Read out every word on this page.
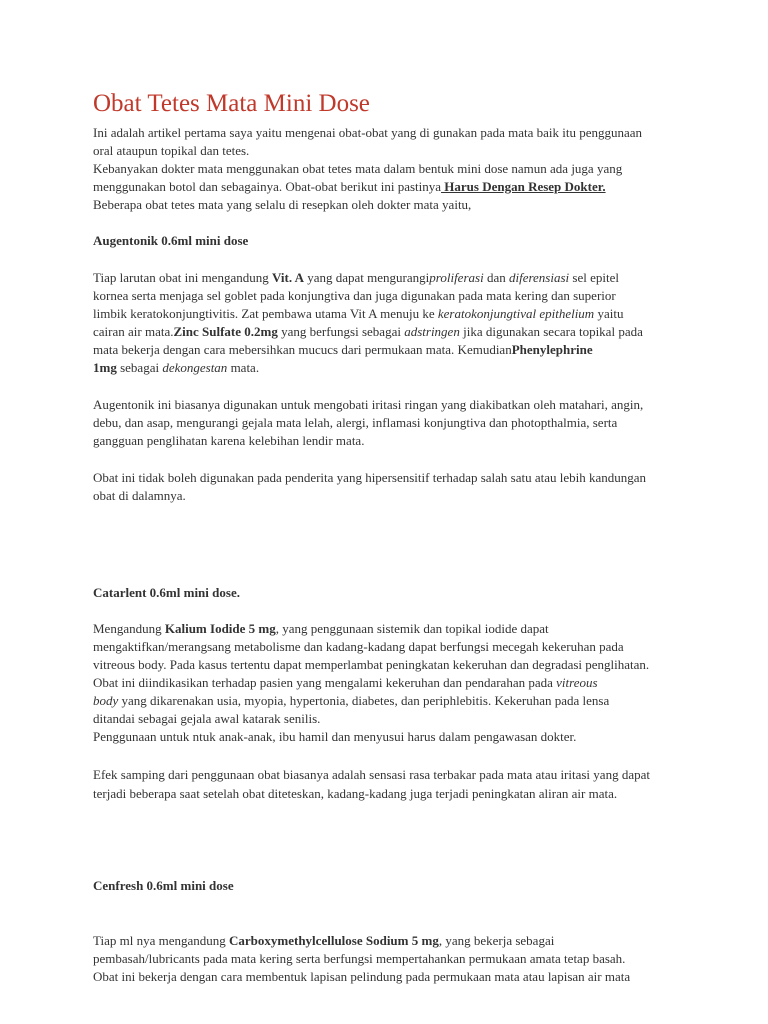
Obat Tetes Mata Mini Dose
Ini adalah artikel pertama saya yaitu mengenai obat-obat yang di gunakan pada mata baik itu penggunaan
oral ataupun topikal dan tetes.
Kebanyakan dokter mata menggunakan obat tetes mata dalam bentuk mini dose namun ada juga yang
menggunakan botol dan sebagainya. Obat-obat berikut ini pastinya Harus Dengan Resep Dokter.
Beberapa obat tetes mata yang selalu di resepkan oleh dokter mata yaitu,
Augentonik 0.6ml mini dose
Tiap larutan obat ini mengandung Vit. A yang dapat mengurangiproliferasi dan diferensiasi sel epitel
kornea serta menjaga sel goblet pada konjungtiva dan juga digunakan pada mata kering dan superior
limbik keratokonjungtivitis. Zat pembawa utama Vit A menuju ke keratokonjungtival epithelium yaitu
cairan air mata.Zinc Sulfate 0.2mg yang berfungsi sebagai adstringen jika digunakan secara topikal pada
mata bekerja dengan cara mebersihkan mucucs dari permukaan mata. KemudianPhenylephrine
1mg sebagai dekongestan mata.
Augentonik ini biasanya digunakan untuk mengobati iritasi ringan yang diakibatkan oleh matahari, angin,
debu, dan asap, mengurangi gejala mata lelah, alergi, inflamasi konjungtiva dan photopthalmia, serta
gangguan penglihatan karena kelebihan lendir mata.
Obat ini tidak boleh digunakan pada penderita yang hipersensitif terhadap salah satu atau lebih kandungan
obat di dalamnya.
Catarlent 0.6ml mini dose.
Mengandung Kalium Iodide 5 mg, yang penggunaan sistemik dan topikal iodide dapat
mengaktifkan/merangsang metabolisme dan kadang-kadang dapat berfungsi mecegah kekeruhan pada
vitreous body. Pada kasus tertentu dapat memperlambat peningkatan kekeruhan dan degradasi penglihatan.
Obat ini diindikasikan terhadap pasien yang mengalami kekeruhan dan pendarahan pada vitreous
body yang dikarenakan usia, myopia, hypertonia, diabetes, dan periphlebitis. Kekeruhan pada lensa
ditandai sebagai gejala awal katarak senilis.
Penggunaan untuk ntuk anak-anak, ibu hamil dan menyusui harus dalam pengawasan dokter.
Efek samping dari penggunaan obat biasanya adalah sensasi rasa terbakar pada mata atau iritasi yang dapat
terjadi beberapa saat setelah obat diteteskan, kadang-kadang juga terjadi peningkatan aliran air mata.
Cenfresh 0.6ml mini dose
Tiap ml nya mengandung Carboxymethylcellulose Sodium 5 mg, yang bekerja sebagai
pembasah/lubricants pada mata kering serta berfungsi mempertahankan permukaan amata tetap basah.
Obat ini bekerja dengan cara membentuk lapisan pelindung pada permukaan mata atau lapisan air mata
